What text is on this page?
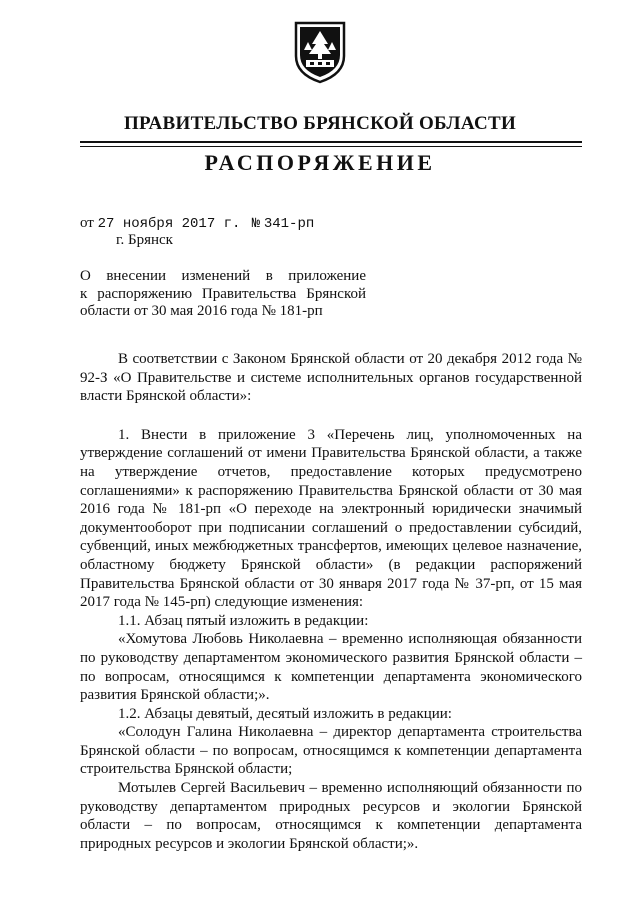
ПРАВИТЕЛЬСТВО БРЯНСКОЙ ОБЛАСТИ
РАСПОРЯЖЕНИЕ
от 27 ноября 2017 г. № 341-рп
г. Брянск
О внесении изменений в приложение
к распоряжению Правительства Брянской
области от 30 мая 2016 года № 181-рп

В соответствии с Законом Брянской области от 20 декабря 2012 года № 92-З «О Правительстве и системе исполнительных органов государственной власти Брянской области»:

1. Внести в приложение 3 «Перечень лиц, уполномоченных на утверждение соглашений от имени Правительства Брянской области, а также на утверждение отчетов, предоставление которых предусмотрено соглашениями» к распоряжению Правительства Брянской области от 30 мая 2016 года № 181-рп «О переходе на электронный юридически значимый документооборот при подписании соглашений о предоставлении субсидий, субвенций, иных межбюджетных трансфертов, имеющих целевое назначение, областному бюджету Брянской области» (в редакции распоряжений Правительства Брянской области от 30 января 2017 года № 37-рп, от 15 мая 2017 года № 145-рп) следующие изменения:

1.1. Абзац пятый изложить в редакции:

«Хомутова Любовь Николаевна – временно исполняющая обязанности по руководству департаментом экономического развития Брянской области – по вопросам, относящимся к компетенции департамента экономического развития Брянской области;».

1.2. Абзацы девятый, десятый изложить в редакции:

«Солодун Галина Николаевна – директор департамента строительства Брянской области – по вопросам, относящимся к компетенции департамента строительства Брянской области;

Мотылев Сергей Васильевич – временно исполняющий обязанности по руководству департаментом природных ресурсов и экологии Брянской области – по вопросам, относящимся к компетенции департамента природных ресурсов и экологии Брянской области;».
